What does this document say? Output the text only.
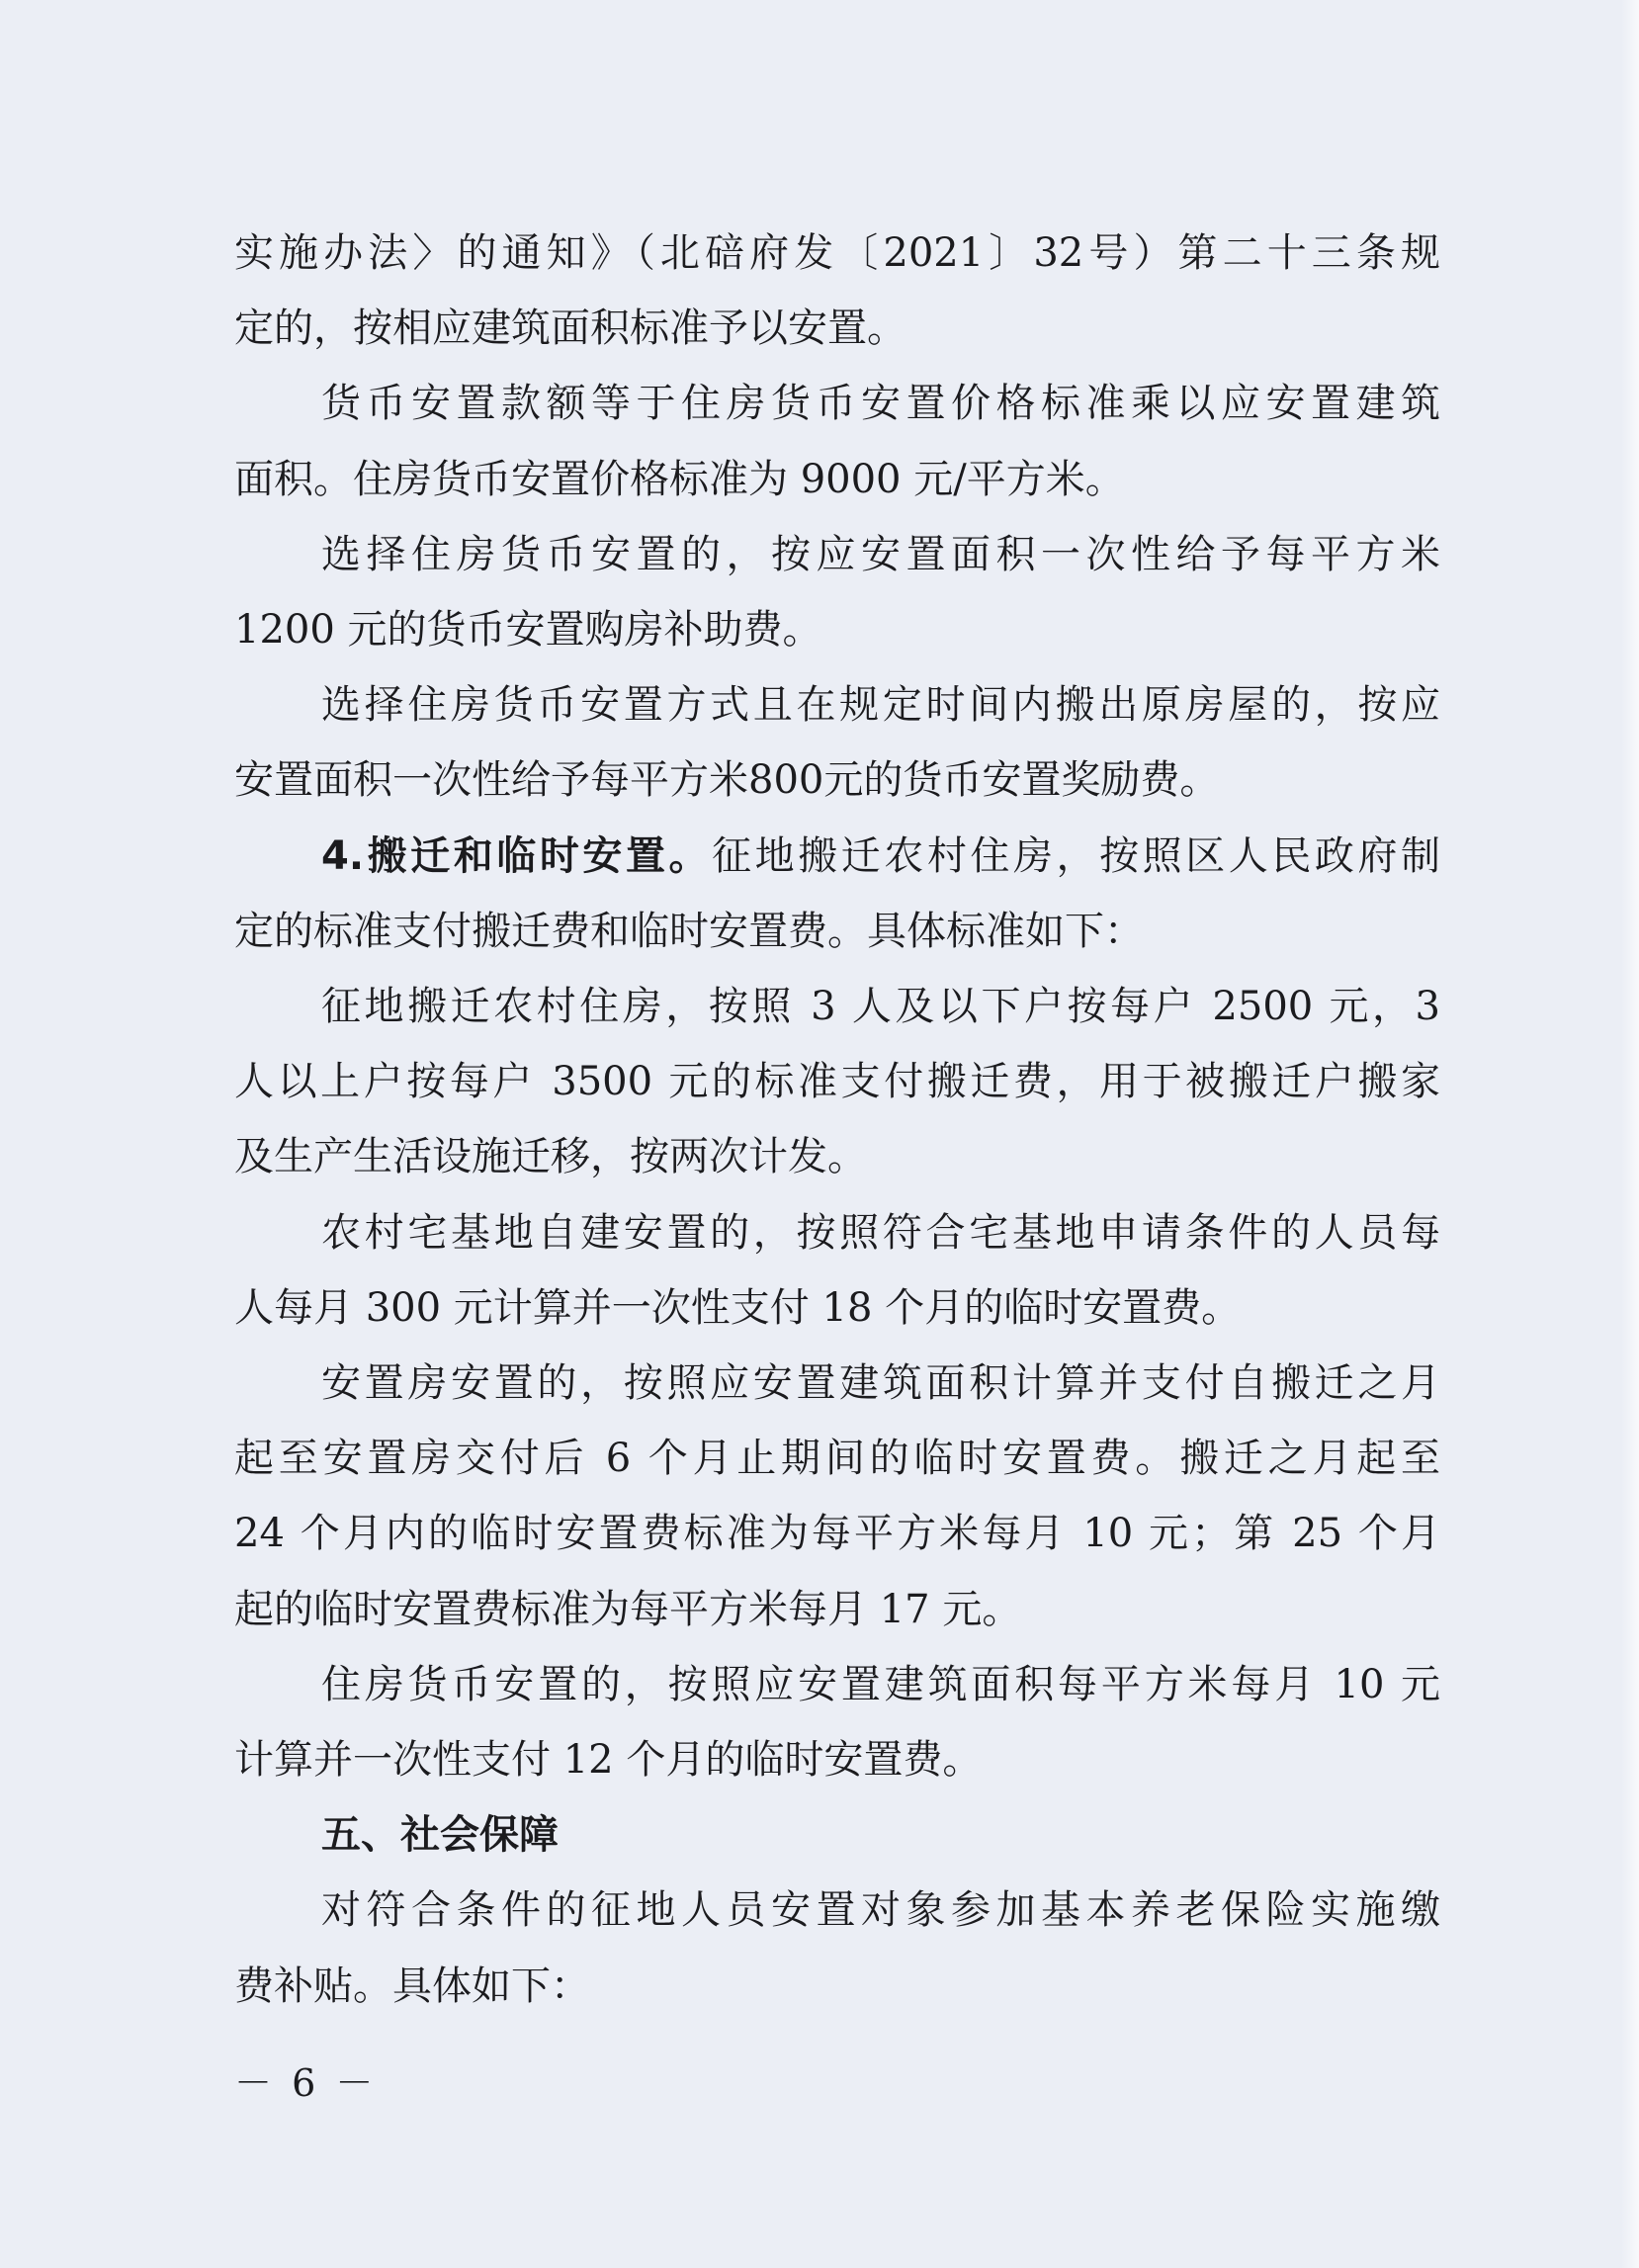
实施办法〉的通知》（北碚府发〔2021〕32号）第二十三条规

定的，按相应建筑面积标准予以安置。

货币安置款额等于住房货币安置价格标准乘以应安置建筑

面积。住房货币安置价格标准为 9000 元/平方米。

选择住房货币安置的，按应安置面积一次性给予每平方米

1200 元的货币安置购房补助费。

选择住房货币安置方式且在规定时间内搬出原房屋的，按应

安置面积一次性给予每平方米800元的货币安置奖励费。

4.搬迁和临时安置。征地搬迁农村住房，按照区人民政府制

定的标准支付搬迁费和临时安置费。具体标准如下：

征地搬迁农村住房，按照 3 人及以下户按每户 2500 元，3

人以上户按每户 3500 元的标准支付搬迁费，用于被搬迁户搬家

及生产生活设施迁移，按两次计发。

农村宅基地自建安置的，按照符合宅基地申请条件的人员每

人每月 300 元计算并一次性支付 18 个月的临时安置费。

安置房安置的，按照应安置建筑面积计算并支付自搬迁之月

起至安置房交付后 6 个月止期间的临时安置费。搬迁之月起至

24 个月内的临时安置费标准为每平方米每月 10 元；第 25 个月

起的临时安置费标准为每平方米每月 17 元。

住房货币安置的，按照应安置建筑面积每平方米每月 10 元

计算并一次性支付 12 个月的临时安置费。

五、社会保障

对符合条件的征地人员安置对象参加基本养老保险实施缴

费补贴。具体如下：

－ 6 －
